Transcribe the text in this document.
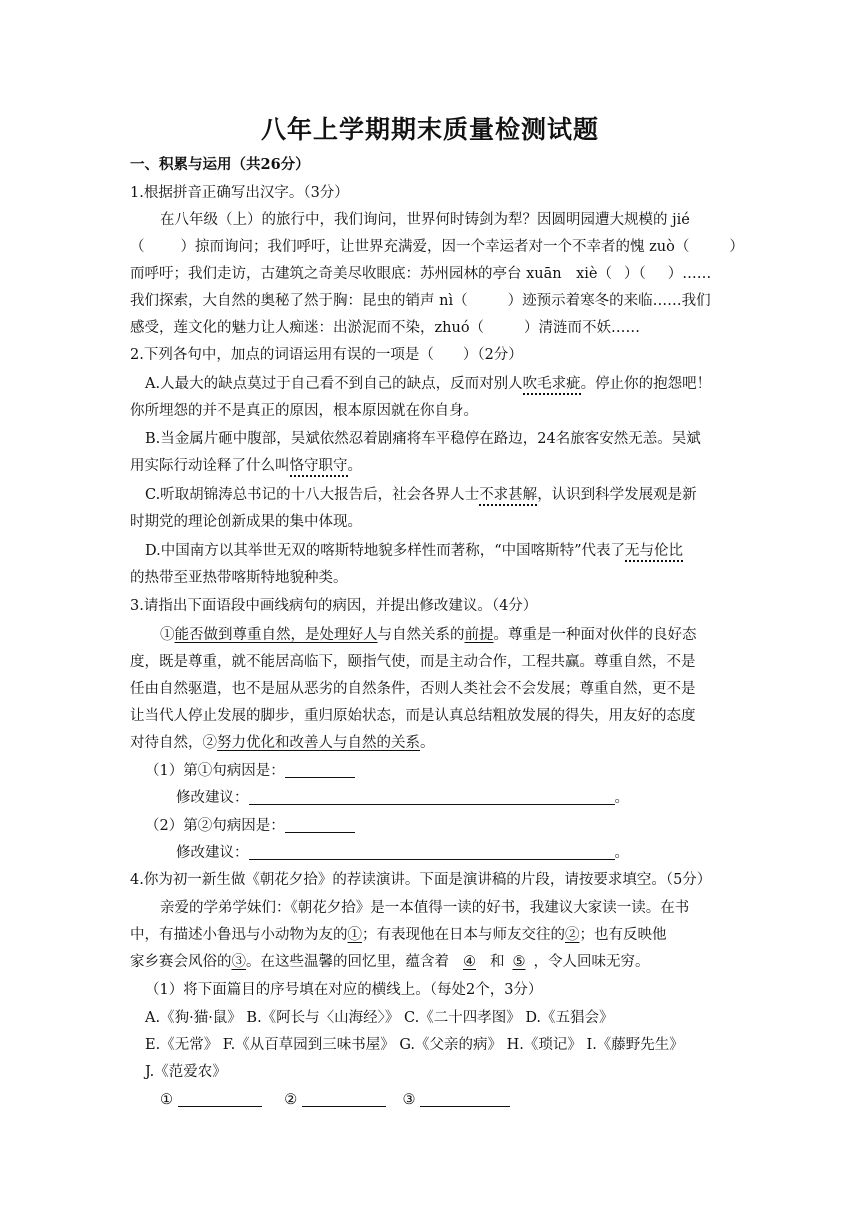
八年上学期期末质量检测试题
一、积累与运用（共26分）
1.根据拼音正确写出汉字。（3分）
在八年级（上）的旅行中，我们询问，世界何时铸剑为犁？因圆明园遭大规模的 jié
（ ）掠而询问；我们呼吁，让世界充满爱，因一个幸运者对一个不幸者的愧 zuò（	）
而呼吁；我们走访，古建筑之奇美尽收眼底：苏州园林的亭台 xuān　xiè（ ）（ ）……
我们探索，大自然的奥秘了然于胸：昆虫的销声 nì（	）迹预示着寒冬的来临……我们
感受，莲文化的魅力让人痴迷：出淤泥而不染，zhuó（	）清涟而不妖……
2.下列各句中，加点的词语运用有误的一项是（　　）（2分）
A.人最大的缺点莫过于自己看不到自己的缺点，反而对别人吹毛求疵。停止你的抱怨吧！
你所埋怨的并不是真正的原因，根本原因就在你自身。
B.当金属片砸中腹部，吴斌依然忍着剧痛将车平稳停在路边，24名旅客安然无恙。吴斌
用实际行动诠释了什么叫恪守职守。
C.听取胡锦涛总书记的十八大报告后，社会各界人士不求甚解，认识到科学发展观是新
时期党的理论创新成果的集中体现。
D.中国南方以其举世无双的喀斯特地貌多样性而著称，“中国喀斯特”代表了无与伦比
的热带至亚热带喀斯特地貌种类。
3.请指出下面语段中画线病句的病因，并提出修改建议。（4分）
①能否做到尊重自然，是处理好人与自然关系的前提。尊重是一种面对伙伴的良好态
度，既是尊重，就不能居高临下，颐指气使，而是主动合作，工程共赢。尊重自然，不是
任由自然驱遣，也不是屈从恶劣的自然条件，否则人类社会不会发展；尊重自然，更不是
让当代人停止发展的脚步，重归原始状态，而是认真总结粗放发展的得失，用友好的态度
对待自然，②努力优化和改善人与自然的关系。
（1）第①句病因是：
修改建议：	。
（2）第②句病因是：
修改建议：	。
4.你为初一新生做《朝花夕拾》的荐读演讲。下面是演讲稿的片段，请按要求填空。（5分）
亲爱的学弟学妹们：《朝花夕拾》是一本值得一读的好书，我建议大家读一读。在书
中，有描述小鲁迅与小动物为友的①；有表现他在日本与师友交往的②；也有反映他
家乡赛会风俗的③。在这些温馨的回忆里，蕴含着 ④ 和 ⑤ ，令人回味无穷。
（1）将下面篇目的序号填在对应的横线上。（每处2个，3分）
A.《狗·猫·鼠》 B.《阿长与〈山海经〉》 C.《二十四孝图》 D.《五猖会》
E.《无常》 F.《从百草园到三味书屋》 G.《父亲的病》 H.《琐记》 I.《藤野先生》
J.《范爱农》
①	②	③
